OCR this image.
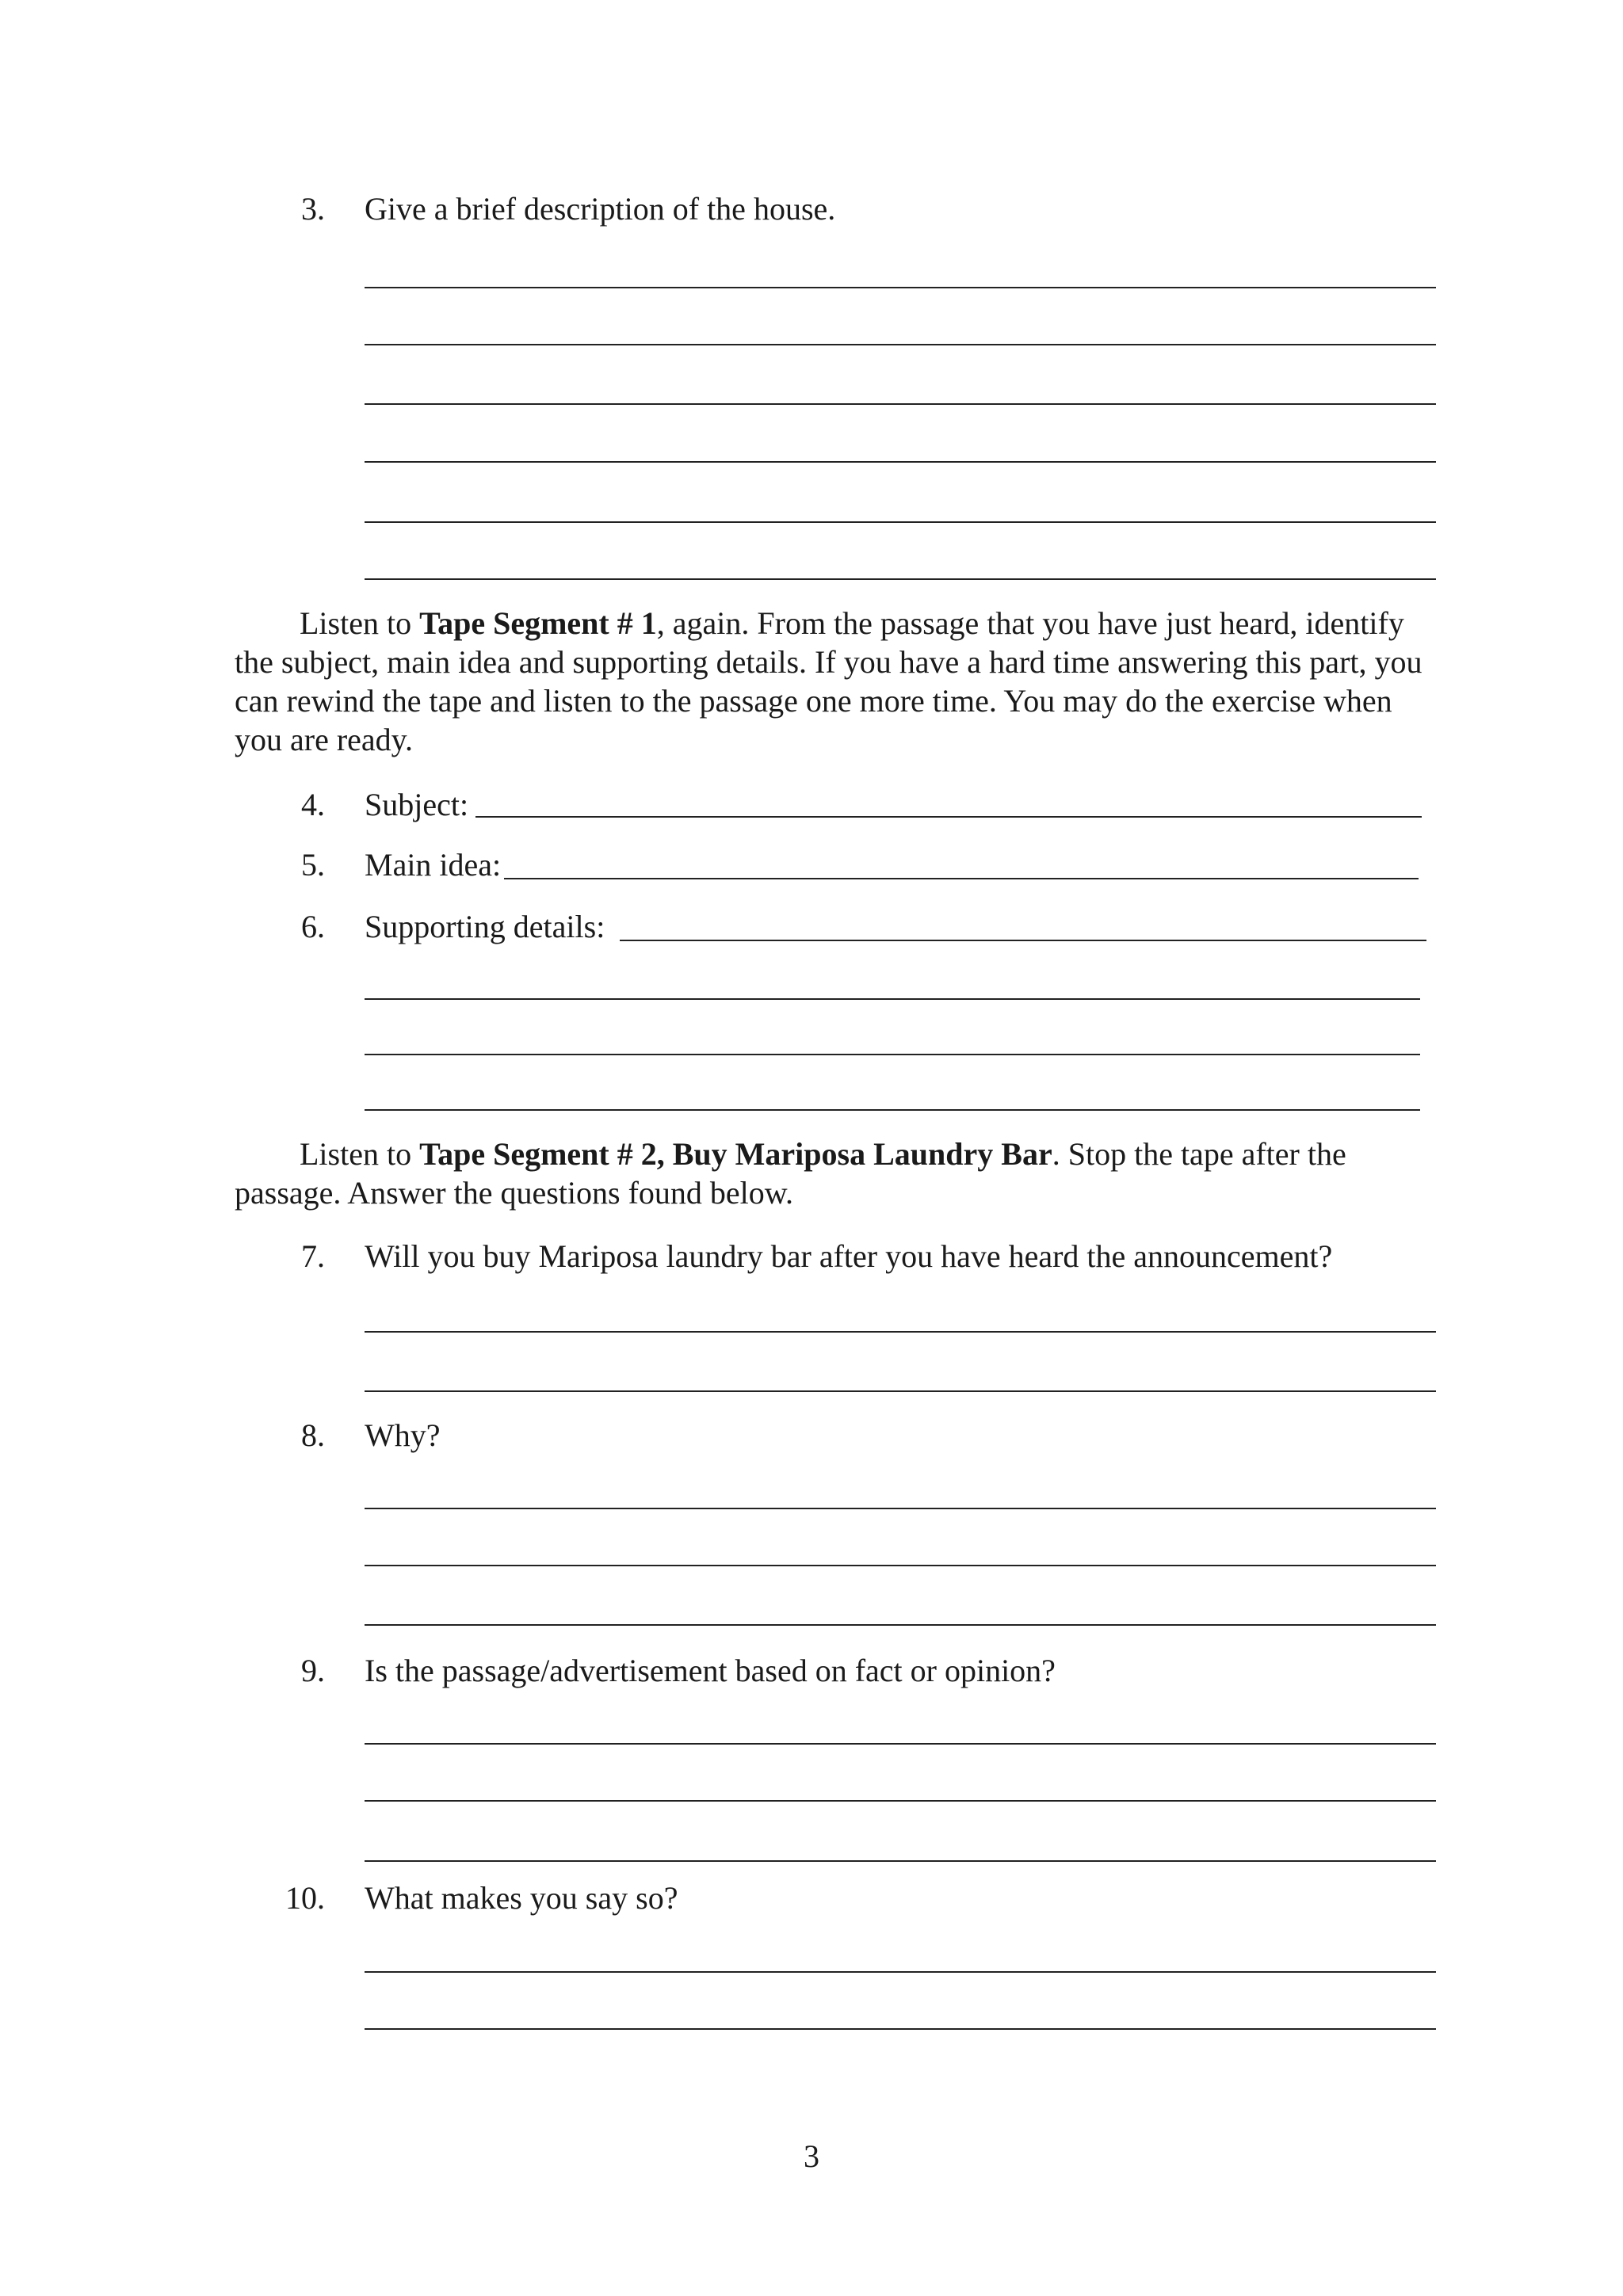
3. Give a brief description of the house.
Listen to Tape Segment # 1, again. From the passage that you have just heard, identify the subject, main idea and supporting details. If you have a hard time answering this part, you can rewind the tape and listen to the passage one more time. You may do the exercise when you are ready.
4. Subject:
5. Main idea:
6. Supporting details:
Listen to Tape Segment # 2, Buy Mariposa Laundry Bar. Stop the tape after the passage. Answer the questions found below.
7. Will you buy Mariposa laundry bar after you have heard the announcement?
8. Why?
9. Is the passage/advertisement based on fact or opinion?
10. What makes you say so?
3
